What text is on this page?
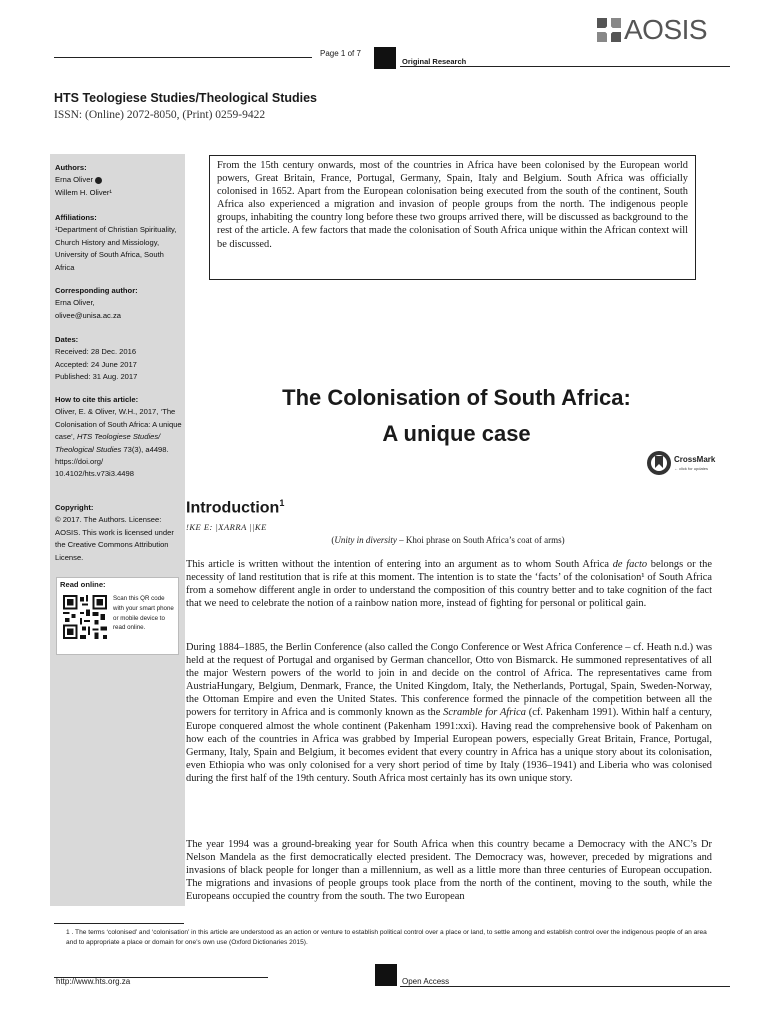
Page 1 of 7
Original Research
AOSIS
HTS Teologiese Studies/Theological Studies
ISSN: (Online) 2072-8050, (Print) 0259-9422
Authors:
Erna Oliver
Willem H. Oliver¹
Affiliations:
¹Department of Christian Spirituality, Church History and Missiology, University of South Africa, South Africa
Corresponding author:
Erna Oliver,
olivee@unisa.ac.za
Dates:
Received: 28 Dec. 2016
Accepted: 24 June 2017
Published: 31 Aug. 2017
How to cite this article:
Oliver, E. & Oliver, W.H., 2017, ‘The Colonisation of South Africa: A unique case’, HTS Teologiese Studies/ Theological Studies 73(3), a4498. https://doi.org/ 10.4102/hts.v73i3.4498
Copyright:
© 2017. The Authors. Licensee: AOSIS. This work is licensed under the Creative Commons Attribution License.
Read online:
Scan this QR code with your smart phone or mobile device to read online.
From the 15th century onwards, most of the countries in Africa have been colonised by the European world powers, Great Britain, France, Portugal, Germany, Spain, Italy and Belgium. South Africa was officially colonised in 1652. Apart from the European colonisation being executed from the south of the continent, South Africa also experienced a migration and invasion of people groups from the north. The indigenous people groups, inhabiting the country long before these two groups arrived there, will be discussed as background to the rest of the article. A few factors that made the colonisation of South Africa unique within the African context will be discussed.
The Colonisation of South Africa:
A unique case
CrossMark
← click for updates
Introduction$^1$
!KE E: |XARRA ||KE
(Unity in diversity – Khoi phrase on South Africa’s coat of arms)
This article is written without the intention of entering into an argument as to whom South Africa de facto belongs or the necessity of land restitution that is rife at this moment. The intention is to state the ‘facts’ of the colonisation¹ of South Africa from a somehow different angle in order to understand the composition of this country better and to take cognition of the fact that we need to celebrate the notion of a rainbow nation more, instead of fighting for personal or political gain.
During 1884–1885, the Berlin Conference (also called the Congo Conference or West Africa Conference – cf. Heath n.d.) was held at the request of Portugal and organised by German chancellor, Otto von Bismarck. He summoned representatives of all the major Western powers of the world to join in and decide on the control of Africa. The representatives came from AustriaHungary, Belgium, Denmark, France, the United Kingdom, Italy, the Netherlands, Portugal, Spain, Sweden-Norway, the Ottoman Empire and even the United States. This conference formed the pinnacle of the competition between all the powers for territory in Africa and is commonly known as the Scramble for Africa (cf. Pakenham 1991). Within half a century, Europe conquered almost the whole continent (Pakenham 1991:xxi). Having read the comprehensive book of Pakenham on how each of the countries in Africa was grabbed by Imperial European powers, especially Great Britain, France, Portugal, Germany, Italy, Spain and Belgium, it becomes evident that every country in Africa has a unique story about its colonisation, even Ethiopia who was only colonised for a very short period of time by Italy (1936–1941) and Liberia who was colonised during the first half of the 19th century. South Africa most certainly has its own unique story.
The year 1994 was a ground-breaking year for South Africa when this country became a Democracy with the ANC’s Dr Nelson Mandela as the first democratically elected president. The Democracy was, however, preceded by migrations and invasions of black people for longer than a millennium, as well as a little more than three centuries of European occupation. The migrations and invasions of people groups took place from the north of the continent, moving to the south, while the Europeans occupied the country from the south. The two European
1 . The terms ‘colonised’ and ‘colonisation’ in this article are understood as an action or venture to establish political control over a place or land, to settle among and establish control over the indigenous people of an area and to appropriate a place or domain for one’s own use (Oxford Dictionaries 2015).
http://www.hts.org.za	Open Access
